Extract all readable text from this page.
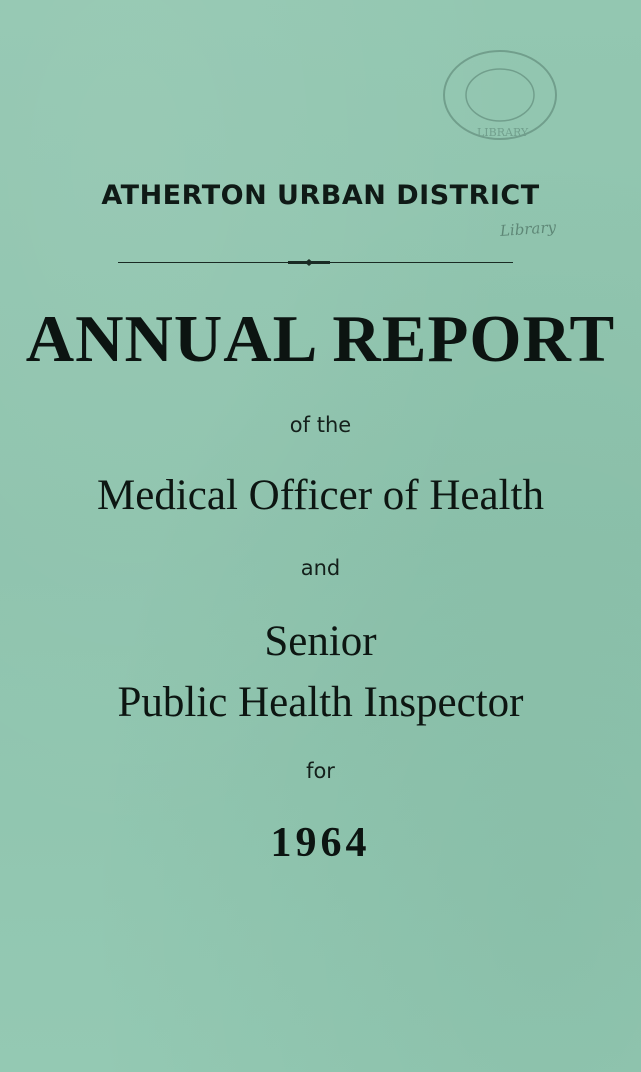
LIBRARY
ATHERTON URBAN DISTRICT
Library
ANNUAL REPORT
of the
Medical Officer of Health
and
Senior
Public Health Inspector
for
1964
